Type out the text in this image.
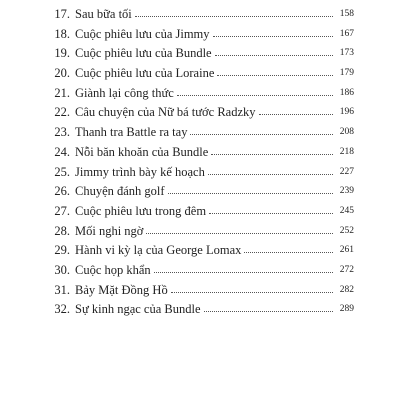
17. Sau bữa tối	158
18. Cuộc phiêu lưu của Jimmy	167
19. Cuộc phiêu lưu của Bundle	173
20. Cuộc phiêu lưu của Loraine	179
21. Giành lại công thức	186
22. Câu chuyện của Nữ bá tước Radzky	196
23. Thanh tra Battle ra tay	208
24. Nỗi băn khoăn của Bundle	218
25. Jimmy trình bày kế hoạch	227
26. Chuyện đánh golf	239
27. Cuộc phiêu lưu trong đêm	245
28. Mối nghi ngờ	252
29. Hành vi kỳ lạ của George Lomax	261
30. Cuộc họp khẩn	272
31. Bảy Mặt Đồng Hồ	282
32. Sự kinh ngạc của Bundle	289
